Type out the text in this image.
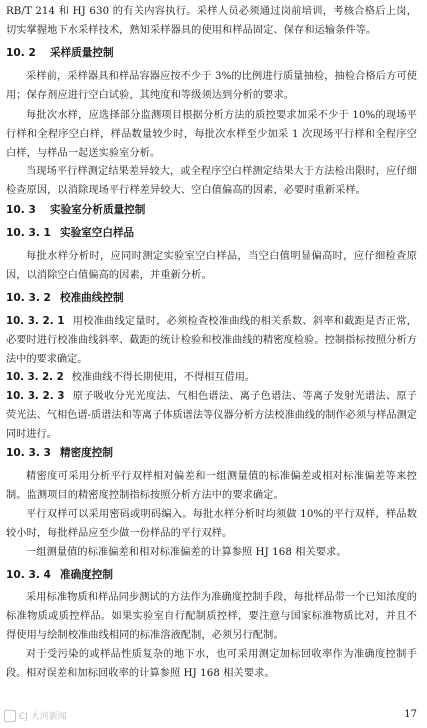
RB/T 214 和 HJ 630 的有关内容执行。采样人员必须通过岗前培训，考核合格后上岗，切实掌握地下水采样技术，熟知采样器具的使用和样品固定、保存和运输条件等。
10. 2 采样质量控制
采样前，采样器具和样品容器应按不少于 3%的比例进行质量抽检，抽检合格后方可使用；保存剂应进行空白试验，其纯度和等级须达到分析的要求。
每批次水样，应选择部分监测项目根据分析方法的质控要求加采不少于 10%的现场平行样和全程序空白样，样品数量较少时，每批次水样至少加采 1 次现场平行样和全程序空白样，与样品一起送实验室分析。
当现场平行样测定结果差异较大，或全程序空白样测定结果大于方法检出限时，应仔细检查原因，以消除现场平行样差异较大、空白值偏高的因素，必要时重新采样。
10. 3 实验室分析质量控制
10. 3. 1 实验室空白样品
每批水样分析时，应同时测定实验室空白样品，当空白值明显偏高时，应仔细检查原因，以消除空白值偏高的因素，并重新分析。
10. 3. 2 校准曲线控制
10. 3. 2. 1 用校准曲线定量时，必须检查校准曲线的相关系数、斜率和截距是否正常，必要时进行校准曲线斜率、截距的统计检验和校准曲线的精密度检验。控制指标按照分析方法中的要求确定。
10. 3. 2. 2 校准曲线不得长期使用，不得相互借用。
10. 3. 2. 3 原子吸收分光光度法、气相色谱法、离子色谱法、等离子发射光谱法、原子荧光法、气相色谱-质谱法和等离子体质谱法等仪器分析方法校准曲线的制作必须与样品测定同时进行。
10. 3. 3 精密度控制
精密度可采用分析平行双样相对偏差和一组测量值的标准偏差或相对标准偏差等来控制。监测项目的精密度控制指标按照分析方法中的要求确定。
平行双样可以采用密码或明码编入。每批水样分析时均须做 10%的平行双样，样品数较小时，每批样品应至少做一份样品的平行双样。
一组测量值的标准偏差和相对标准偏差的计算参照 HJ 168 相关要求。
10. 3. 4 准确度控制
采用标准物质和样品同步测试的方法作为准确度控制手段，每批样品带一个已知浓度的标准物质或质控样品。如果实验室自行配制质控样，要注意与国家标准物质比对，并且不得使用与绘制校准曲线相同的标准溶液配制，必须另行配制。
对于受污染的或样品性质复杂的地下水，也可采用测定加标回收率作为准确度控制手段。 相对误差和加标回收率的计算参照 HJ 168 相关要求。
CJ 大河新闻	17
